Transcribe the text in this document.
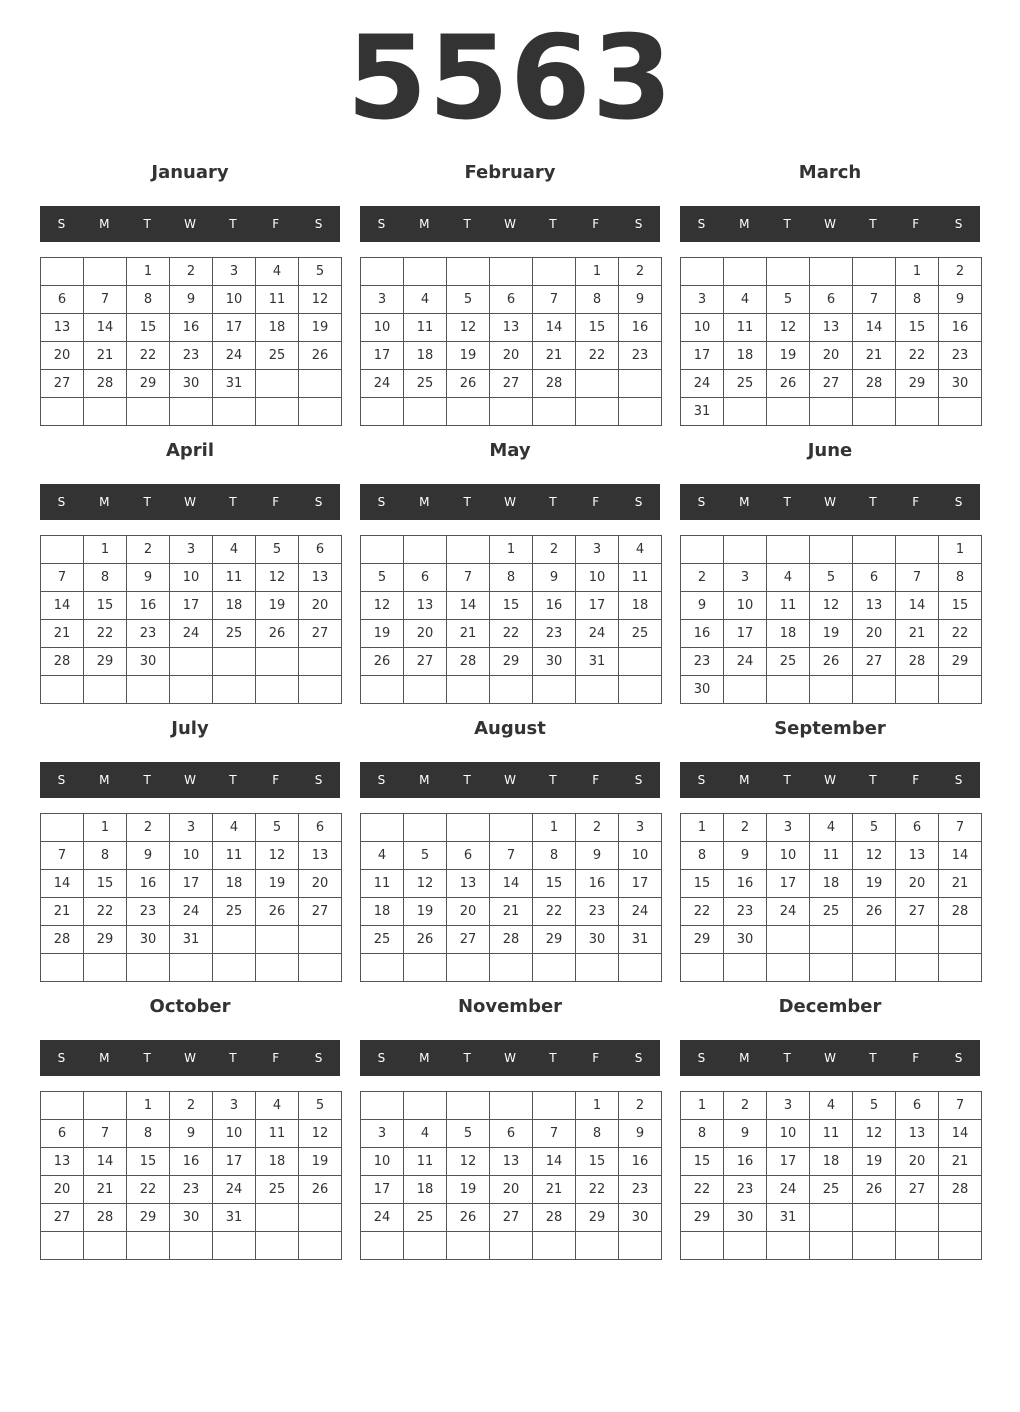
5563
January
S	M	T	W	T	F	S
		1	2	3	4	5
6	7	8	9	10	11	12
13	14	15	16	17	18	19
20	21	22	23	24	25	26
27	28	29	30	31		

February
S	M	T	W	T	F	S
					1	2
3	4	5	6	7	8	9
10	11	12	13	14	15	16
17	18	19	20	21	22	23
24	25	26	27	28		

March
S	M	T	W	T	F	S
					1	2
3	4	5	6	7	8	9
10	11	12	13	14	15	16
17	18	19	20	21	22	23
24	25	26	27	28	29	30
31						
April
S	M	T	W	T	F	S
	1	2	3	4	5	6
7	8	9	10	11	12	13
14	15	16	17	18	19	20
21	22	23	24	25	26	27
28	29	30				

May
S	M	T	W	T	F	S
			1	2	3	4
5	6	7	8	9	10	11
12	13	14	15	16	17	18
19	20	21	22	23	24	25
26	27	28	29	30	31	

June
S	M	T	W	T	F	S
						1
2	3	4	5	6	7	8
9	10	11	12	13	14	15
16	17	18	19	20	21	22
23	24	25	26	27	28	29
30						
July
S	M	T	W	T	F	S
	1	2	3	4	5	6
7	8	9	10	11	12	13
14	15	16	17	18	19	20
21	22	23	24	25	26	27
28	29	30	31			

August
S	M	T	W	T	F	S
				1	2	3
4	5	6	7	8	9	10
11	12	13	14	15	16	17
18	19	20	21	22	23	24
25	26	27	28	29	30	31

September
S	M	T	W	T	F	S
1	2	3	4	5	6	7
8	9	10	11	12	13	14
15	16	17	18	19	20	21
22	23	24	25	26	27	28
29	30					

October
S	M	T	W	T	F	S
		1	2	3	4	5
6	7	8	9	10	11	12
13	14	15	16	17	18	19
20	21	22	23	24	25	26
27	28	29	30	31		

November
S	M	T	W	T	F	S
					1	2
3	4	5	6	7	8	9
10	11	12	13	14	15	16
17	18	19	20	21	22	23
24	25	26	27	28	29	30

December
S	M	T	W	T	F	S
1	2	3	4	5	6	7
8	9	10	11	12	13	14
15	16	17	18	19	20	21
22	23	24	25	26	27	28
29	30	31				
